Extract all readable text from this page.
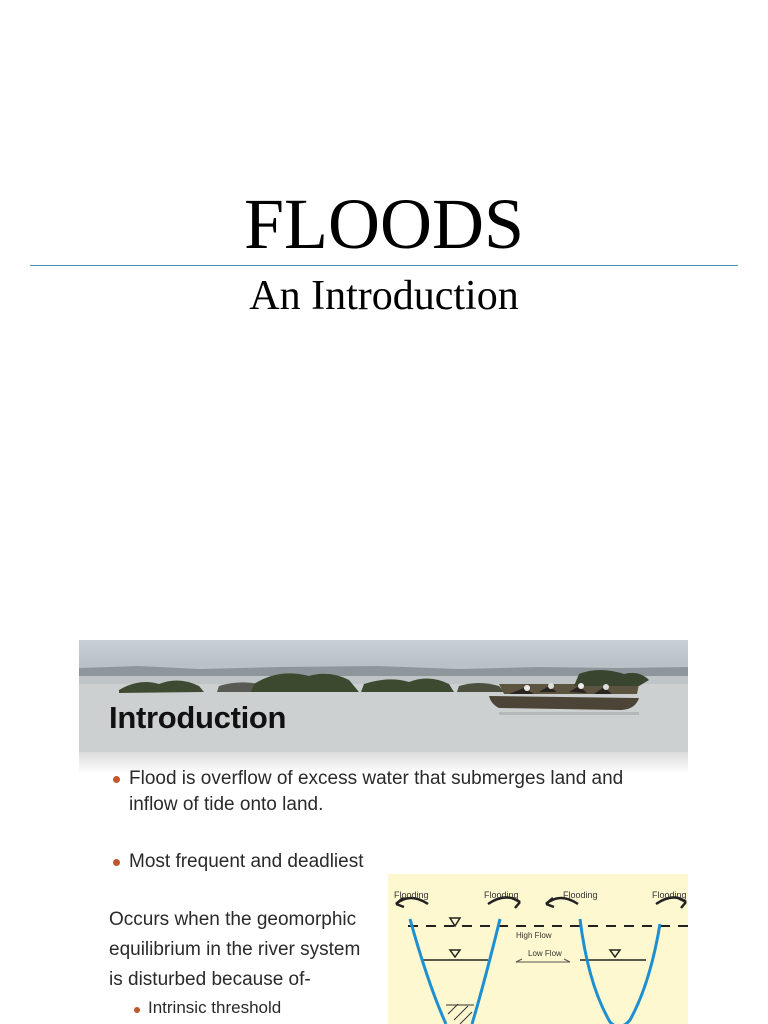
FLOODS
An Introduction
Introduction
Flood is overflow of excess water that submerges land and inflow of tide onto land.
Most frequent and deadliest
Occurs when the geomorphic
equilibrium in the river system
is disturbed because of-
Intrinsic threshold
Flooding	Flooding	Flooding	Flooding
High Flow
Low Flow
